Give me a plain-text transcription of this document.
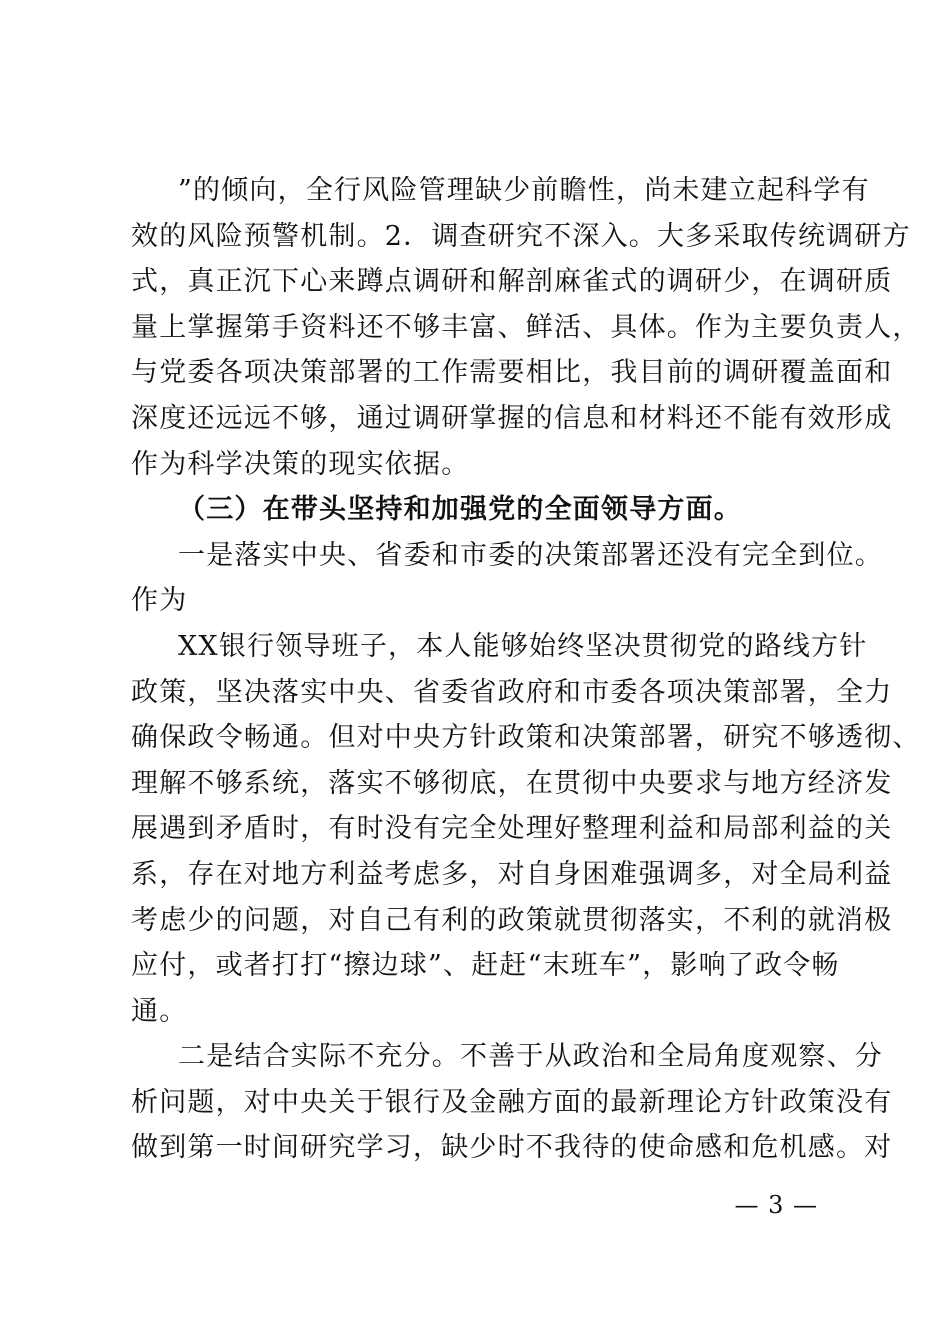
”的倾向，全行风险管理缺少前瞻性，尚未建立起科学有
效的风险预警机制。2．调查研究不深入。大多采取传统调研方
式，真正沉下心来蹲点调研和解剖麻雀式的调研少，在调研质
量上掌握第手资料还不够丰富、鲜活、具体。作为主要负责人，
与党委各项决策部署的工作需要相比，我目前的调研覆盖面和
深度还远远不够，通过调研掌握的信息和材料还不能有效形成
作为科学决策的现实依据。
（三）在带头坚持和加强党的全面领导方面。
一是落实中央、省委和市委的决策部署还没有完全到位。
作为
XX银行领导班子，本人能够始终坚决贯彻党的路线方针
政策，坚决落实中央、省委省政府和市委各项决策部署，全力
确保政令畅通。但对中央方针政策和决策部署，研究不够透彻、
理解不够系统，落实不够彻底，在贯彻中央要求与地方经济发
展遇到矛盾时，有时没有完全处理好整理利益和局部利益的关
系，存在对地方利益考虑多，对自身困难强调多，对全局利益
考虑少的问题，对自己有利的政策就贯彻落实，不利的就消极
应付，或者打打“擦边球”、赶赶“末班车”，影响了政令畅
通。
二是结合实际不充分。不善于从政治和全局角度观察、分
析问题，对中央关于银行及金融方面的最新理论方针政策没有
做到第一时间研究学习，缺少时不我待的使命感和危机感。对
— 3 —
